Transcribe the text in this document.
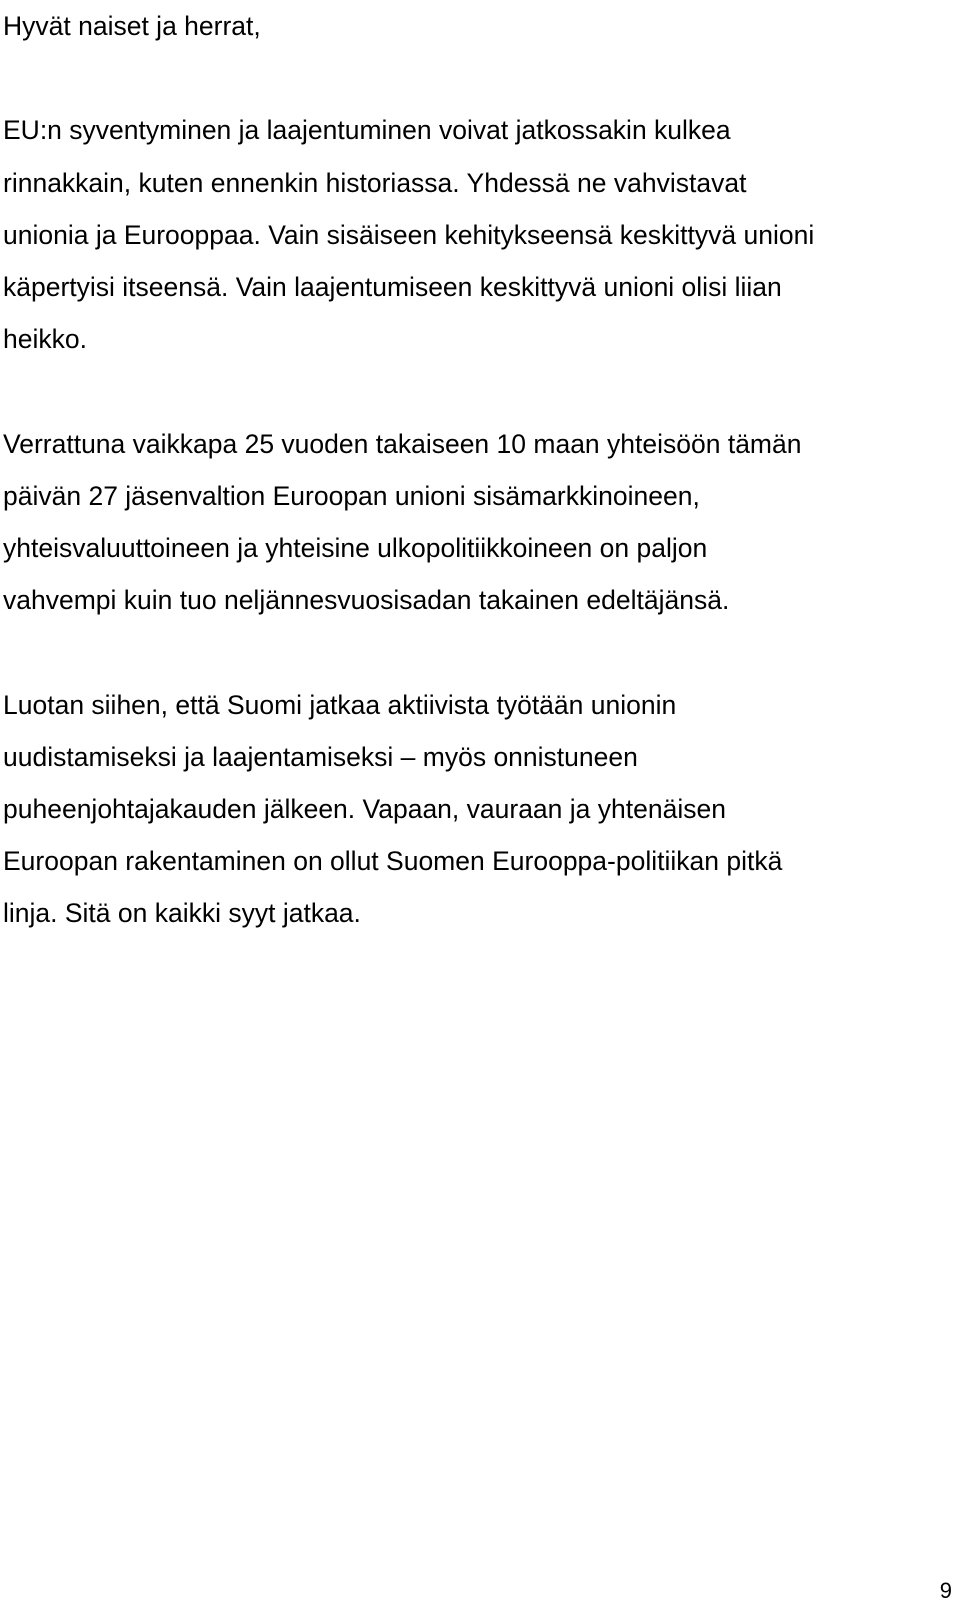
Hyvät naiset ja herrat,

EU:n syventyminen ja laajentuminen voivat jatkossakin kulkea

rinnakkain, kuten ennenkin historiassa. Yhdessä ne vahvistavat

unionia ja Eurooppaa. Vain sisäiseen kehitykseensä keskittyvä unioni

käpertyisi itseensä. Vain laajentumiseen keskittyvä unioni olisi liian

heikko.

Verrattuna vaikkapa 25 vuoden takaiseen 10 maan yhteisöön tämän

päivän 27 jäsenvaltion Euroopan unioni sisämarkkinoineen,

yhteisvaluuttoineen ja yhteisine ulkopolitiikkoineen on paljon

vahvempi kuin tuo neljännesvuosisadan takainen edeltäjänsä.

Luotan siihen, että Suomi jatkaa aktiivista työtään unionin

uudistamiseksi ja laajentamiseksi – myös onnistuneen

puheenjohtajakauden jälkeen. Vapaan, vauraan ja yhtenäisen

Euroopan rakentaminen on ollut Suomen Eurooppa-politiikan pitkä

linja. Sitä on kaikki syyt jatkaa.

9
